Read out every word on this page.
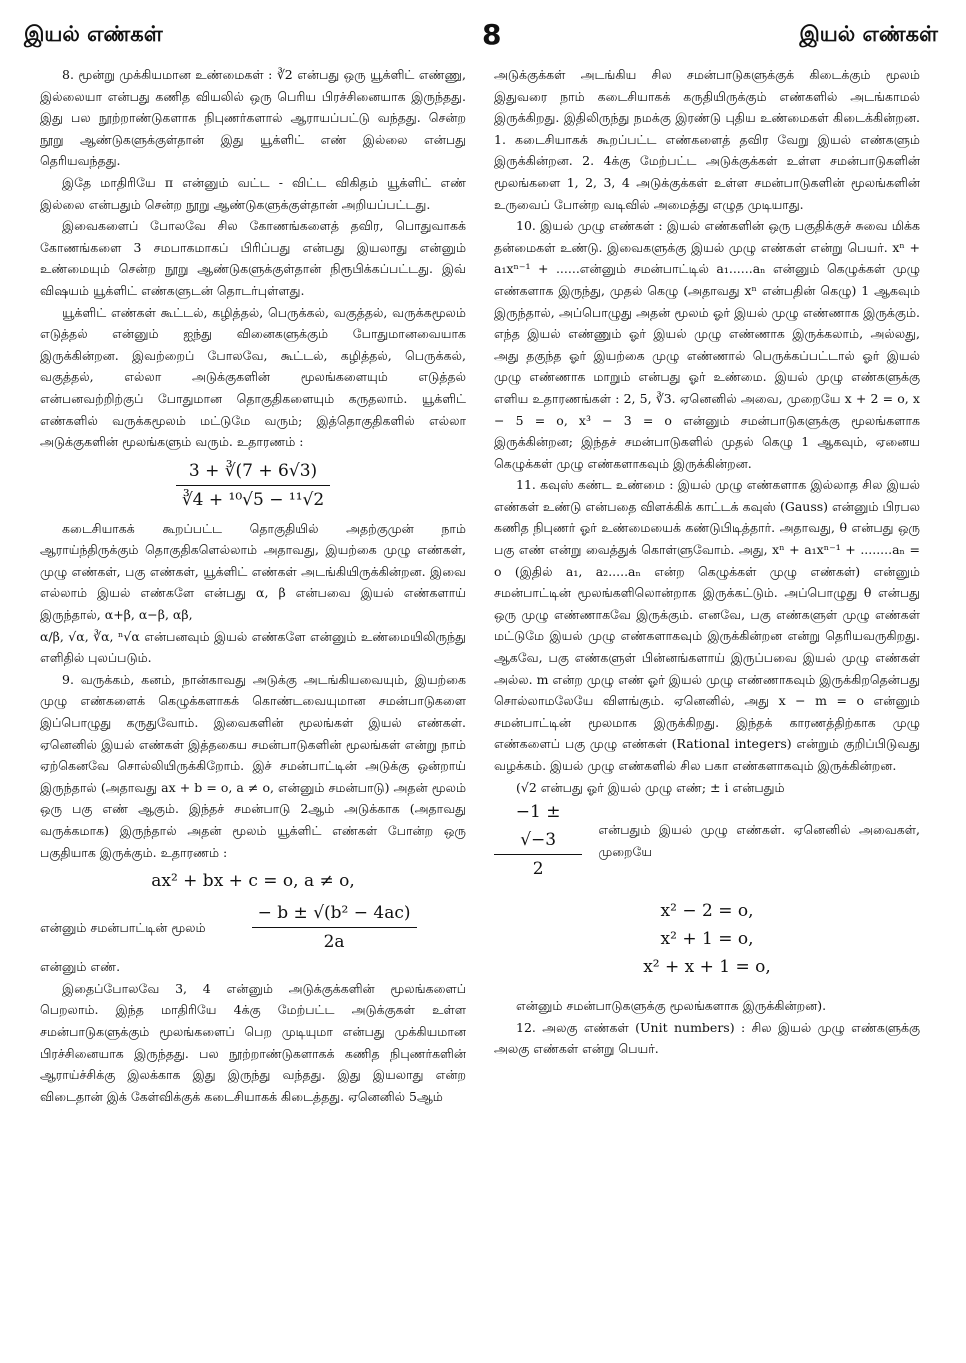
இயல் எண்கள்	8	இயல் எண்கள்

8. மூன்று முக்கியமான உண்மைகள் : ∛2 என்பது ஒரு யூக்ளிட் எண்ணு, இல்லையா என்பது கணித வியலில் ஒரு பெரிய பிரச்சினையாக இருந்தது. இது பல நூற்றாண்டுகளாக நிபுணர்களால் ஆராயப்பட்டு வந்தது. சென்ற நூறு ஆண்டுகளுக்குள்தான் இது யூக்ளிட் எண் இல்லை என்பது தெரியவந்தது.

இதே மாதிரியே π என்னும் வட்ட - விட்ட விகிதம் யூக்ளிட் எண் இல்லை என்பதும் சென்ற நூறு ஆண்டுகளுக்குள்தான் அறியப்பட்டது.

இவைகளைப் போலவே சில கோணங்களைத் தவிர, பொதுவாகக் கோணங்களை 3 சமபாகமாகப் பிரிப்பது என்பது இயலாது என்னும் உண்மையும் சென்ற நூறு ஆண்டுகளுக்குள்தான் நிரூபிக்கப்பட்டது. இவ் விஷயம் யூக்ளிட் எண்களுடன் தொடர்புள்ளது.

யூக்ளிட் எண்கள் கூட்டல், கழித்தல், பெருக்கல், வகுத்தல், வருக்கமூலம் எடுத்தல் என்னும் ஐந்து வினைகளுக்கும் போதுமானவையாக இருக்கின்றன. இவற்றைப் போலவே, கூட்டல், கழித்தல், பெருக்கல், வகுத்தல், எல்லா அடுக்குகளின் மூலங்களையும் எடுத்தல் என்பனவற்றிற்குப் போதுமான தொகுதிகளையும் கருதலாம். யூக்ளிட் எண்களில் வருக்கமூலம் மட்டுமே வரும்; இத்தொகுதிகளில் எல்லா அடுக்குகளின் மூலங்களும் வரும். உதாரணம் :

$\frac{3 + ∛(7 + 6√3)}{\text{∛4 + ¹⁰√5 − ¹¹√2}}$

கடைசியாகக் கூறப்பட்ட தொகுதியில் அதற்குமுன் நாம் ஆராய்ந்திருக்கும் தொகுதிகளெல்லாம் அதாவது, இயற்கை முழு எண்கள், முழு எண்கள், பகு எண்கள், யூக்ளிட் எண்கள் அடங்கியிருக்கின்றன. இவை எல்லாம் இயல் எண்களே என்பது α, β என்பவை இயல் எண்களாய் இருந்தால், α+β, α−β, αβ,

α/β, √α, ∛α, ⁿ√α என்பனவும் இயல் எண்களே என்னும் உண்மையிலிருந்து எளிதில் புலப்படும்.

9. வருக்கம், கனம், நான்காவது அடுக்கு அடங்கியவையும், இயற்கை முழு எண்களைக் கெழுக்களாகக் கொண்டவையுமான சமன்பாடுகளை இப்பொழுது கருதுவோம். இவைகளின் மூலங்கள் இயல் எண்கள். ஏனெனில் இயல் எண்கள் இத்தகைய சமன்பாடுகளின் மூலங்கள் என்று நாம் ஏற்கெனவே சொல்லியிருக்கிறோம். இச் சமன்பாட்டின் அடுக்கு ஒன்றாய் இருந்தால் (அதாவது ax + b = o, a ≠ o, என்னும் சமன்பாடு) அதன் மூலம் ஒரு பகு எண் ஆகும். இந்தச் சமன்பாடு 2ஆம் அடுக்காக (அதாவது வருக்கமாக) இருந்தால் அதன் மூலம் யூக்ளிட் எண்கள் போன்ற ஒரு பகுதியாக இருக்கும். உதாரணம் :

ax² + bx + c = o, a ≠ o,
என்னும் சமன்பாட்டின் மூலம்	$\frac{\text{− b ± √(b² − 4ac)}}{2a}$

என்னும் எண்.

இதைப்போலவே 3, 4 என்னும் அடுக்குக்களின் மூலங்களைப் பெறலாம். இந்த மாதிரியே 4க்கு மேற்பட்ட அடுக்குகள் உள்ள சமன்பாடுகளுக்கும் மூலங்களைப் பெற முடியுமா என்பது முக்கியமான பிரச்சினையாக இருந்தது. பல நூற்றாண்டுகளாகக் கணித நிபுணர்களின் ஆராய்ச்சிக்கு இலக்காக இது இருந்து வந்தது. இது இயலாது என்ற விடைதான் இக் கேள்விக்குக் கடைசியாகக் கிடைத்தது. ஏனெனில் 5ஆம்

அடுக்குக்கள் அடங்கிய சில சமன்பாடுகளுக்குக் கிடைக்கும் மூலம் இதுவரை நாம் கடைசியாகக் கருதியிருக்கும் எண்களில் அடங்காமல் இருக்கிறது. இதிலிருந்து நமக்கு இரண்டு புதிய உண்மைகள் கிடைக்கின்றன. 1. கடைசியாகக் கூறப்பட்ட எண்களைத் தவிர வேறு இயல் எண்களும் இருக்கின்றன. 2. 4க்கு மேற்பட்ட அடுக்குக்கள் உள்ள சமன்பாடுகளின் மூலங்களை 1, 2, 3, 4 அடுக்குக்கள் உள்ள சமன்பாடுகளின் மூலங்களின் உருவைப் போன்ற வடிவில் அமைத்து எழுத முடியாது.

10. இயல் முழு எண்கள் : இயல் எண்களின் ஒரு பகுதிக்குச் சுவை மிக்க தன்மைகள் உண்டு. இவைகளுக்கு இயல் முழு எண்கள் என்று பெயர். xⁿ + a₁xⁿ⁻¹ + ......என்னும் சமன்பாட்டில் a₁......aₙ என்னும் கெழுக்கள் முழு எண்களாக இருந்து, முதல் கெழு (அதாவது xⁿ என்பதின் கெழு) 1 ஆகவும் இருந்தால், அப்பொழுது அதன் மூலம் ஓர் இயல் முழு எண்ணாக இருக்கும். எந்த இயல் எண்ணும் ஓர் இயல் முழு எண்ணாக இருக்கலாம், அல்லது, அது தகுந்த ஓர் இயற்கை முழு எண்ணால் பெருக்கப்பட்டால் ஓர் இயல் முழு எண்ணாக மாறும் என்பது ஓர் உண்மை. இயல் முழு எண்களுக்கு எளிய உதாரணங்கள் : 2, 5, ∛3. ஏனெனில் அவை, முறையே x + 2 = o, x − 5 = o, x³ − 3 = o என்னும் சமன்பாடுகளுக்கு மூலங்களாக இருக்கின்றன; இந்தச் சமன்பாடுகளில் முதல் கெழு 1 ஆகவும், ஏனைய கெழுக்கள் முழு எண்களாகவும் இருக்கின்றன.

11. கவுஸ் கண்ட உண்மை : இயல் முழு எண்களாக இல்லாத சில இயல் எண்கள் உண்டு என்பதை விளக்கிக் காட்டக் கவுஸ் (Gauss) என்னும் பிரபல கணித நிபுணர் ஓர் உண்மையைக் கண்டுபிடித்தார். அதாவது, θ என்பது ஒரு பகு எண் என்று வைத்துக் கொள்ளுவோம். அது, xⁿ + a₁xⁿ⁻¹ + ........aₙ = o (இதில் a₁, a₂.....aₙ என்ற கெழுக்கள் முழு எண்கள்) என்னும் சமன்பாட்டின் மூலங்களிலொன்றாக இருக்கட்டும். அப்பொழுது θ என்பது ஒரு முழு எண்ணாகவே இருக்கும். எனவே, பகு எண்களுள் முழு எண்கள் மட்டுமே இயல் முழு எண்களாகவும் இருக்கின்றன என்று தெரியவருகிறது. ஆகவே, பகு எண்களுள் பின்னங்களாய் இருப்பவை இயல் முழு எண்கள் அல்ல. m என்ற முழு எண் ஓர் இயல் முழு எண்ணாகவும் இருக்கிறதென்பது சொல்லாமலேயே விளங்கும். ஏனெனில், அது x − m = o என்னும் சமன்பாட்டின் மூலமாக இருக்கிறது. இந்தக் காரணத்திற்காக முழு எண்களைப் பகு முழு எண்கள் (Rational integers) என்றும் குறிப்பிடுவது வழக்கம். இயல் முழு எண்களில் சில பகா எண்களாகவும் இருக்கின்றன.

(√2 என்பது ஓர் இயல் முழு எண்; ± i என்பதும்

$\frac{-1 \pm √-3}{2}$ என்பதும் இயல் முழு எண்கள். ஏனெனில் அவைகள், முறையே
x² − 2 = o,
x² + 1 = o,
x² + x + 1 = o,

என்னும் சமன்பாடுகளுக்கு மூலங்களாக இருக்கின்றன).

12. அலகு எண்கள் (Unit numbers) : சில இயல் முழு எண்களுக்கு அலகு எண்கள் என்று பெயர்.
